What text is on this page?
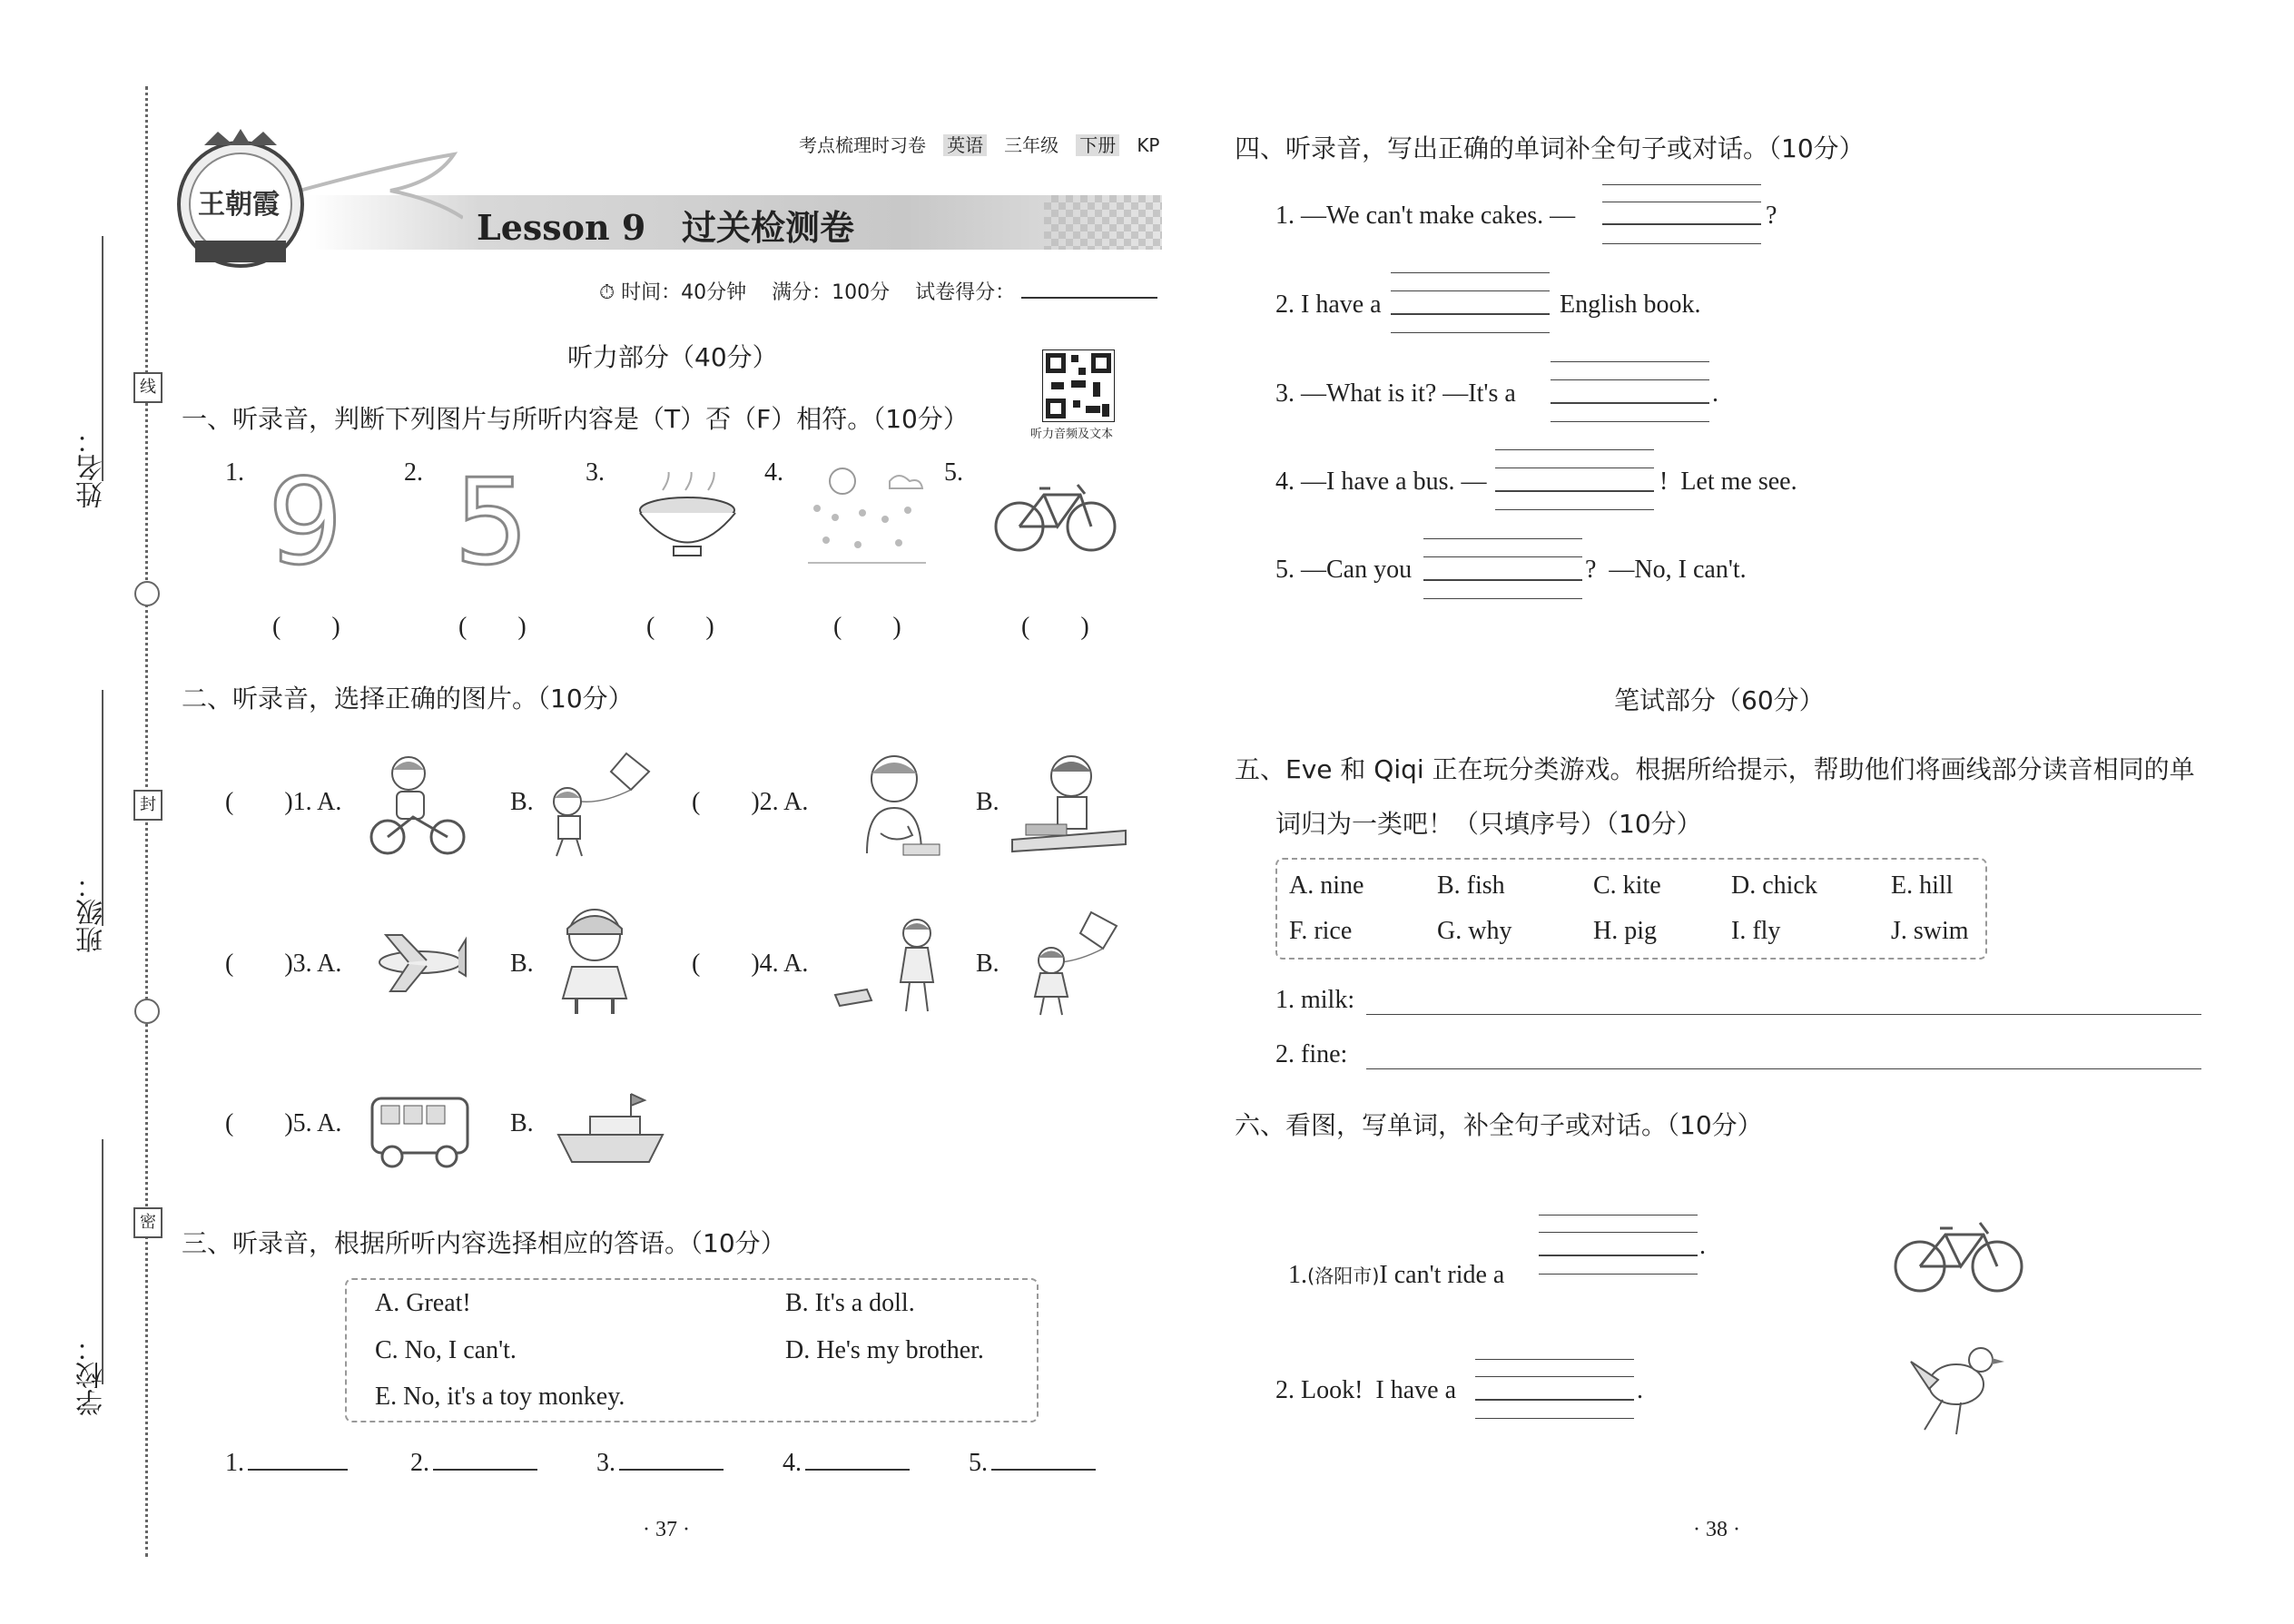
姓名：
班级：
学校：
线
封
密
王朝霞
考点梳理时习卷 英语 三年级 下册 KP
Lesson 9   过关检测卷
⏱ 时间：40分钟 满分：100分 试卷得分：
听力部分（40分）
听力音频及文本
一、听录音，判断下列图片与所听内容是（T）否（F）相符。（10分）
1.	2.	3.	4.	5.
9 5
(        )	(        )	(        )	(        )	(        )
二、听录音，选择正确的图片。（10分）
(        )1. A.	(        )2. A.
(        )3. A.	(        )4. A.
(        )5. A.
B.	B.
B.	B.
B.
三、听录音，根据所听内容选择相应的答语。（10分）
A. Great!	B. It's a doll.
C. No, I can't.	D. He's my brother.
E. No, it's a toy monkey.
1.	2.	3.	4.	5.
· 37 ·
四、听录音，写出正确的单词补全句子或对话。（10分）
1. —We can't make cakes. —	?
2. I have a	English book.
3. —What is it? —It's a	.
4. —I have a bus. —	!  Let me see.
5. —Can you	?  —No, I can't.
笔试部分（60分）
五、Eve 和 Qiqi 正在玩分类游戏。根据所给提示，帮助他们将画线部分读音相同的单
词归为一类吧！（只填序号）（10分）
A. nine	B. fish	C. kite	D. chick	E. hill
F. rice	G. why	H. pig	I. fly	J. swim
1. milk:
2. fine:
六、看图，写单词，补全句子或对话。（10分）

1.(洛阳市)I can't ride a

.
2. Look!  I have a	.
· 38 ·
